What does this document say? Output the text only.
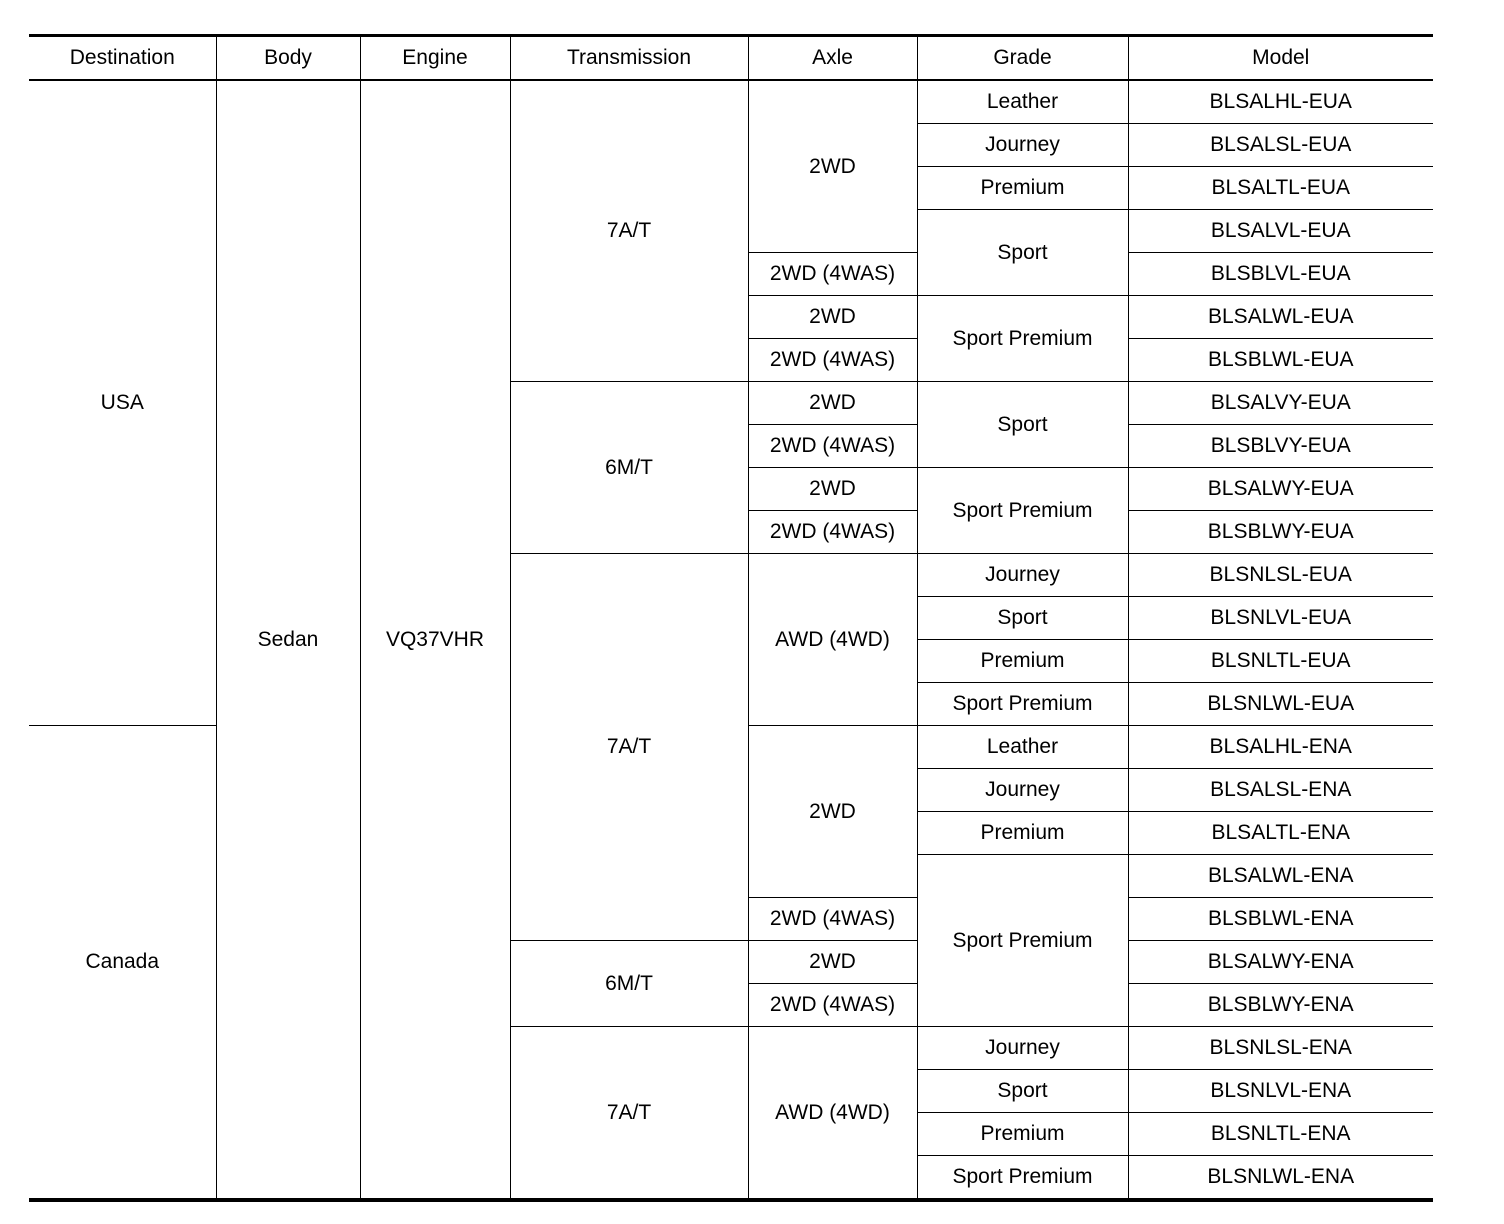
Destination	Body	Engine	Transmission	Axle	Grade	Model
USA	Sedan	VQ37VHR	7A/T	2WD	Leather	BLSALHL-EUA
					Journey	BLSALSL-EUA
					Premium	BLSALTL-EUA
					Sport	BLSALVL-EUA
				2WD (4WAS)		BLSBLVL-EUA
				2WD	Sport Premium	BLSALWL-EUA
				2WD (4WAS)		BLSBLWL-EUA
			6M/T	2WD	Sport	BLSALVY-EUA
				2WD (4WAS)		BLSBLVY-EUA
				2WD	Sport Premium	BLSALWY-EUA
				2WD (4WAS)		BLSBLWY-EUA
			7A/T	AWD (4WD)	Journey	BLSNLSL-EUA
					Sport	BLSNLVL-EUA
					Premium	BLSNLTL-EUA
					Sport Premium	BLSNLWL-EUA
Canada				2WD	Leather	BLSALHL-ENA
					Journey	BLSALSL-ENA
					Premium	BLSALTL-ENA
					Sport Premium	BLSALWL-ENA
				2WD (4WAS)		BLSBLWL-ENA
			6M/T	2WD		BLSALWY-ENA
				2WD (4WAS)		BLSBLWY-ENA
			7A/T	AWD (4WD)	Journey	BLSNLSL-ENA
					Sport	BLSNLVL-ENA
					Premium	BLSNLTL-ENA
					Sport Premium	BLSNLWL-ENA
